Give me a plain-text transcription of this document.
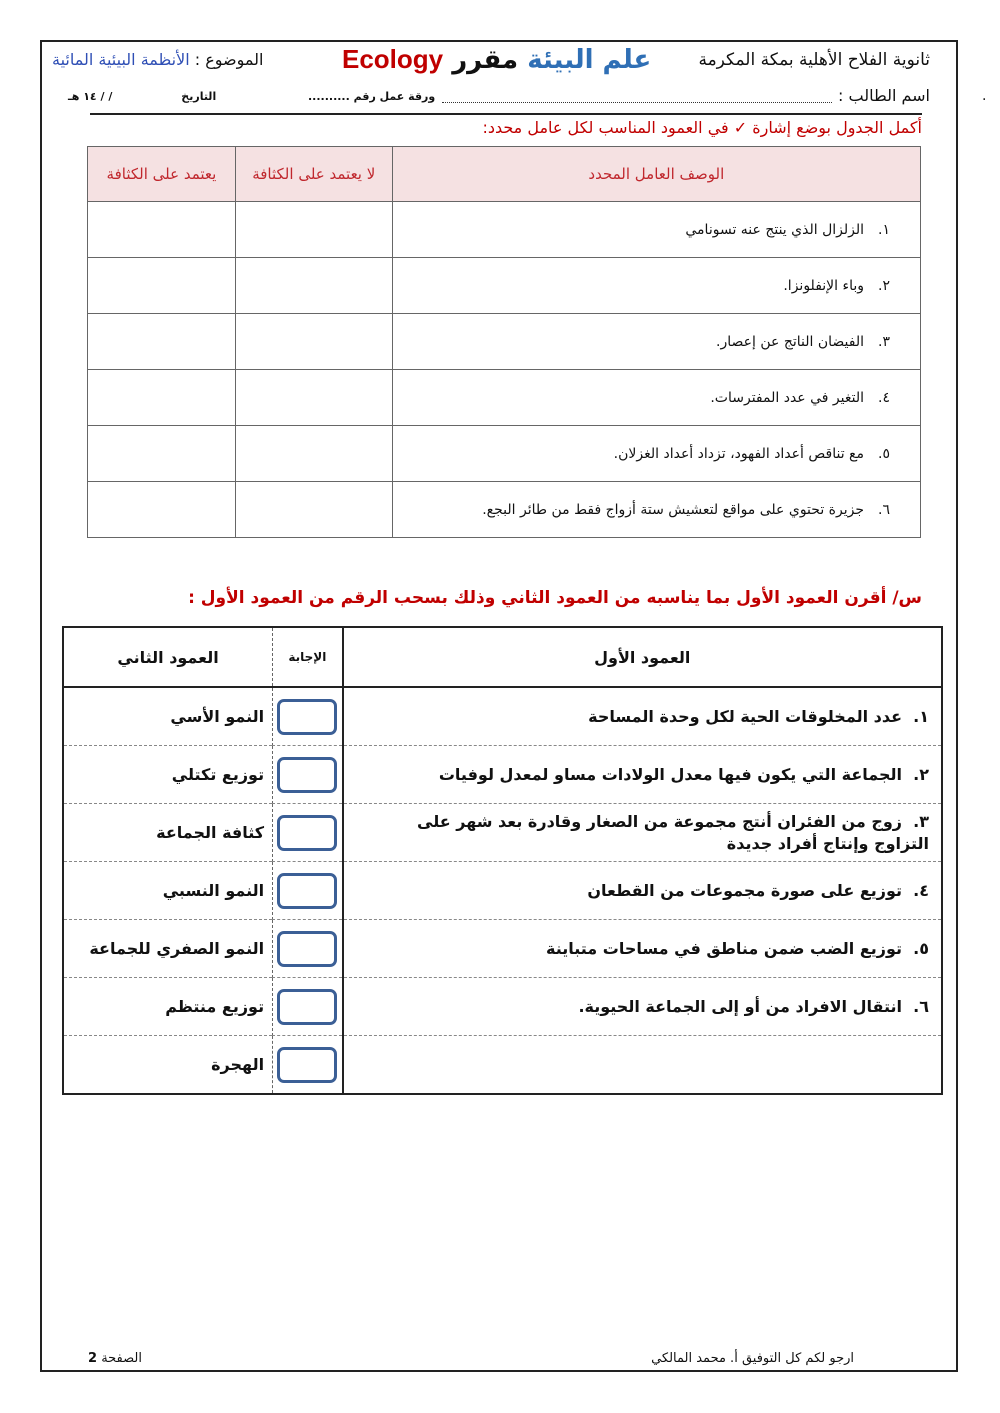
.
ثانوية الفلاح الأهلية بمكة المكرمة
Ecology	علم البيئة مقرر
الموضوع : الأنظمة البيئية المائية
اسم الطالب :
ورقة عمل رقم ..........
التاريخ                  / / ١٤ هـ
أكمل الجدول بوضع إشارة ✓ في العمود المناسب لكل عامل محدد:
الوصف العامل المحدد	لا يعتمد على الكثافة	يعتمد على الكثافة
١.الزلزال الذي ينتج عنه تسونامي		
٢.وباء الإنفلونزا.		
٣.الفيضان الناتج عن إعصار.		
٤.التغير في عدد المفترسات.		
٥.مع تناقص أعداد الفهود، تزداد أعداد الغزلان.		
٦.جزيرة تحتوي على مواقع لتعشيش ستة أزواج فقط من طائر البجع.		
س/ أقرن العمود الأول بما يناسبه من العمود الثاني وذلك بسحب الرقم من العمود الأول :
العمود الأول	الإجابة	العمود الثاني
١.  عدد المخلوقات الحية لكل وحدة المساحة		النمو الأسي
٢.  الجماعة التي يكون فيها معدل الولادات مساو لمعدل لوفيات		توزيع تكتلي
٣.  زوج من الفئران أنتج مجموعة من الصغار وقادرة بعد شهر على التزاوج وإنتاج أفراد جديدة		كثافة الجماعة
٤.  توزيع على صورة مجموعات من القطعان		النمو النسبي
٥.  توزيع الضب ضمن مناطق في مساحات متباينة		النمو الصفري للجماعة
٦.  انتقال الافراد من أو إلى الجماعة الحيوية.		توزيع منتظم
		الهجرة
ارجو لكم كل التوفيق أ. محمد المالكي
الصفحة 2
